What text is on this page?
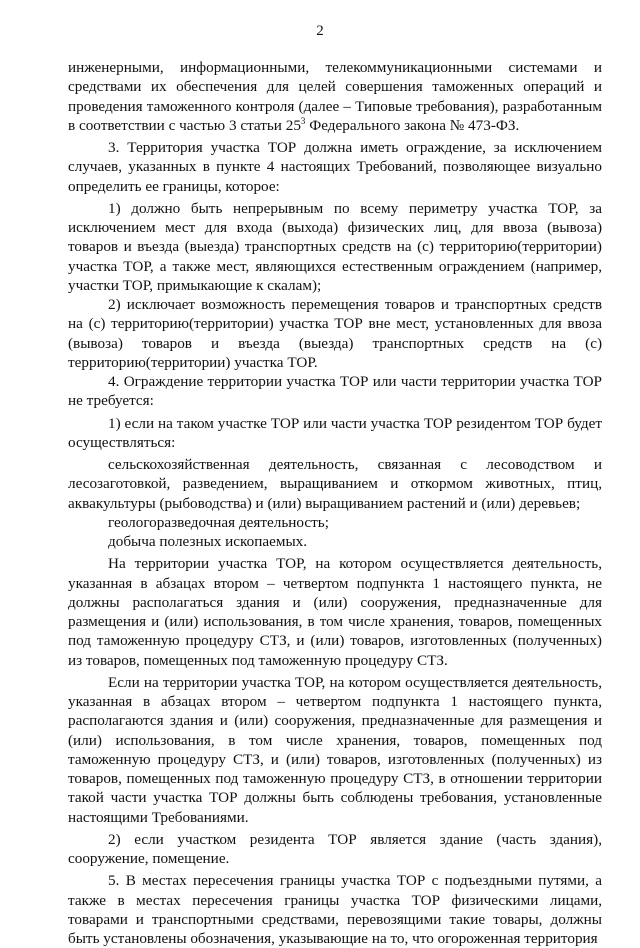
2

инженерными, информационными, телекоммуникационными системами и средствами их обеспечения для целей совершения таможенных операций и проведения таможенного контроля (далее – Типовые требования), разработанным в соответствии с частью 3 статьи $25^3$ Федерального закона № 473-ФЗ.

3. Территория участка ТОР должна иметь ограждение, за исключением случаев, указанных в пункте 4 настоящих Требований, позволяющее визуально определить ее границы, которое:

1) должно быть непрерывным по всему периметру участка ТОР, за исключением мест для входа (выхода) физических лиц, для ввоза (вывоза) товаров и въезда (выезда) транспортных средств на (с) территорию(территории) участка ТОР, а также мест, являющихся естественным ограждением (например, участки ТОР, примыкающие к скалам);

2) исключает возможность перемещения товаров и транспортных средств на (с) территорию(территории) участка ТОР вне мест, установленных для ввоза (вывоза) товаров и въезда (выезда) транспортных средств на (с) территорию(территории) участка ТОР.

4. Ограждение территории участка ТОР или части территории участка ТОР не требуется:

1) если на таком участке ТОР или части участка ТОР резидентом ТОР будет осуществляться:

сельскохозяйственная деятельность, связанная с лесоводством и лесозаготовкой, разведением, выращиванием и откормом животных, птиц, аквакультуры (рыбоводства) и (или) выращиванием растений и (или) деревьев;

геологоразведочная деятельность;

добыча полезных ископаемых.

На территории участка ТОР, на котором осуществляется деятельность, указанная в абзацах втором – четвертом подпункта 1 настоящего пункта, не должны располагаться здания и (или) сооружения, предназначенные для размещения и (или) использования, в том числе хранения, товаров, помещенных под таможенную процедуру СТЗ, и (или) товаров, изготовленных (полученных) из товаров, помещенных под таможенную процедуру СТЗ.

Если на территории участка ТОР, на котором осуществляется деятельность, указанная в абзацах втором – четвертом подпункта 1 настоящего пункта, располагаются здания и (или) сооружения, предназначенные для размещения и (или) использования, в том числе хранения, товаров, помещенных под таможенную процедуру СТЗ, и (или) товаров, изготовленных (полученных) из товаров, помещенных под таможенную процедуру СТЗ, в отношении территории такой части участка ТОР должны быть соблюдены требования, установленные настоящими Требованиями.

2) если участком резидента ТОР является здание (часть здания), сооружение, помещение.

5. В местах пересечения границы участка ТОР с подъездными путями, а также в местах пересечения границы участка ТОР физическими лицами, товарами и транспортными средствами, перевозящими такие товары, должны быть установлены обозначения, указывающие на то, что огороженная территория
